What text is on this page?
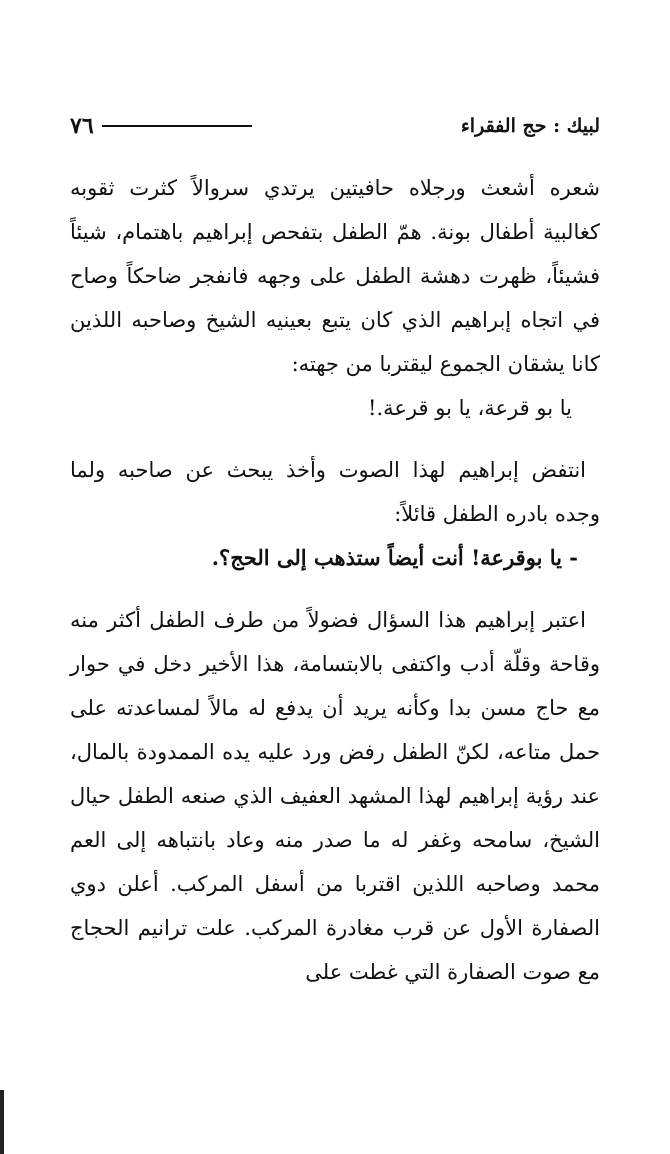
٧٦	لبيك : حج الفقراء

شعره أشعث ورجلاه حافيتين يرتدي سروالاً كثرت ثقوبه كغالبية أطفال بونة. همّ الطفل بتفحص إبراهيم باهتمام، شيئاً فشيئاً، ظهرت دهشة الطفل على وجهه فانفجر ضاحكاً وصاح في اتجاه إبراهيم الذي كان يتبع بعينيه الشيخ وصاحبه اللذين كانا يشقان الجموع ليقتربا من جهته:

يا بو قرعة، يا بو قرعة.!

انتفض إبراهيم لهذا الصوت وأخذ يبحث عن صاحبه ولما وجده بادره الطفل قائلاً:

- يا بوقرعة! أنت أيضاً ستذهب إلى الحج؟.

اعتبر إبراهيم هذا السؤال فضولاً من طرف الطفل أكثر منه وقاحة وقلّة أدب واكتفى بالابتسامة، هذا الأخير دخل في حوار مع حاج مسن بدا وكأنه يريد أن يدفع له مالاً لمساعدته على حمل متاعه، لكنّ الطفل رفض ورد عليه يده الممدودة بالمال، عند رؤية إبراهيم لهذا المشهد العفيف الذي صنعه الطفل حيال الشيخ، سامحه وغفر له ما صدر منه وعاد بانتباهه إلى العم محمد وصاحبه اللذين اقتربا من أسفل المركب. أعلن دوي الصفارة الأول عن قرب مغادرة المركب. علت ترانيم الحجاج مع صوت الصفارة التي غطت على
